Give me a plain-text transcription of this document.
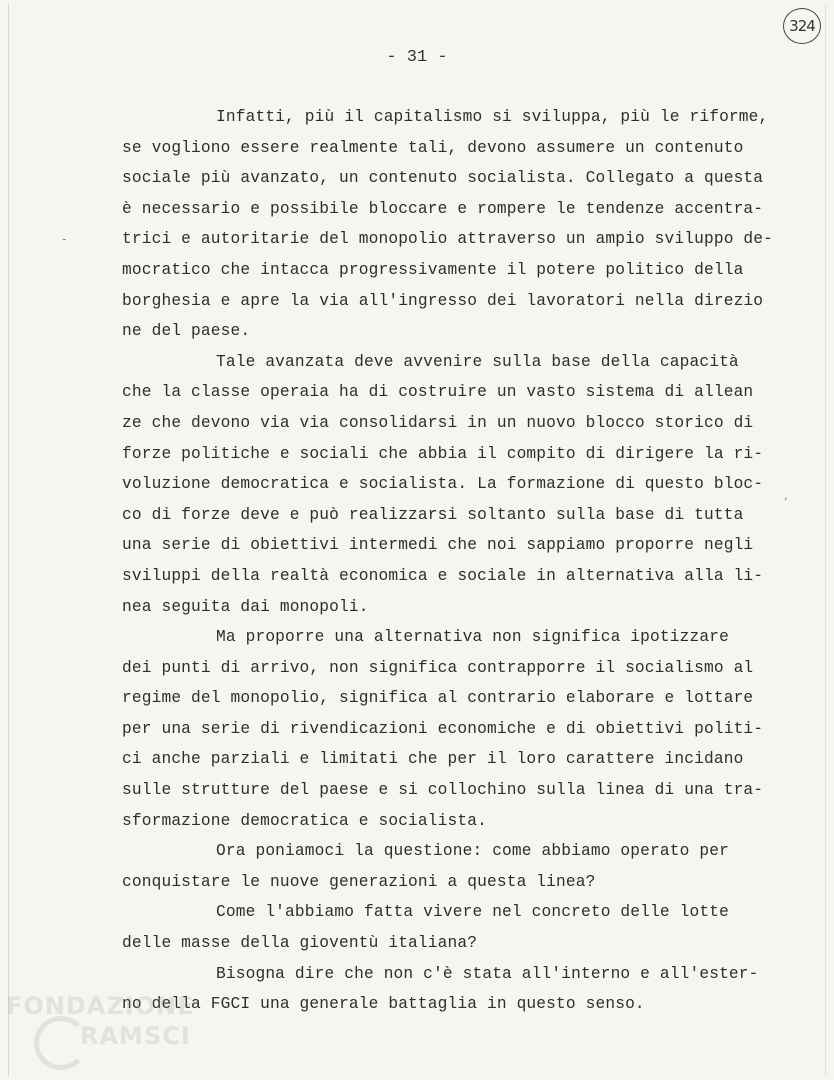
324
- 31 -
Infatti, più il capitalismo si sviluppa, più le riforme,
se vogliono essere realmente tali, devono assumere un contenuto
sociale più avanzato, un contenuto socialista. Collegato a questa
è necessario e possibile bloccare e rompere le tendenze accentra-
trici e autoritarie del monopolio attraverso un ampio sviluppo de-
mocratico che intacca progressivamente il potere politico della
borghesia e apre la via all'ingresso dei lavoratori nella direzio
ne del paese.
Tale avanzata deve avvenire sulla base della capacità
che la classe operaia ha di costruire un vasto sistema di allean
ze che devono via via consolidarsi in un nuovo blocco storico di
forze politiche e sociali che abbia il compito di dirigere la ri-
voluzione democratica e socialista. La formazione di questo bloc-
co di forze deve e può realizzarsi soltanto sulla base di tutta
una serie di obiettivi intermedi che noi sappiamo proporre negli
sviluppi della realtà economica e sociale in alternativa alla li-
nea seguita dai monopoli.
Ma proporre una alternativa non significa ipotizzare
dei punti di arrivo, non significa contrapporre il socialismo al
regime del monopolio, significa al contrario elaborare e lottare
per una serie di rivendicazioni economiche e di obiettivi politi-
ci anche parziali e limitati che per il loro carattere incidano
sulle strutture del paese e si collochino sulla linea di una tra-
sformazione democratica e socialista.
Ora poniamoci la questione: come abbiamo operato per
conquistare le nuove generazioni a questa linea?
Come l'abbiamo fatta vivere nel concreto delle lotte
delle masse della gioventù italiana?
Bisogna dire che non c'è stata all'interno e all'ester-
no della FGCI una generale battaglia in questo senso.
-
,
FONDAZIONE
RAMSCI
